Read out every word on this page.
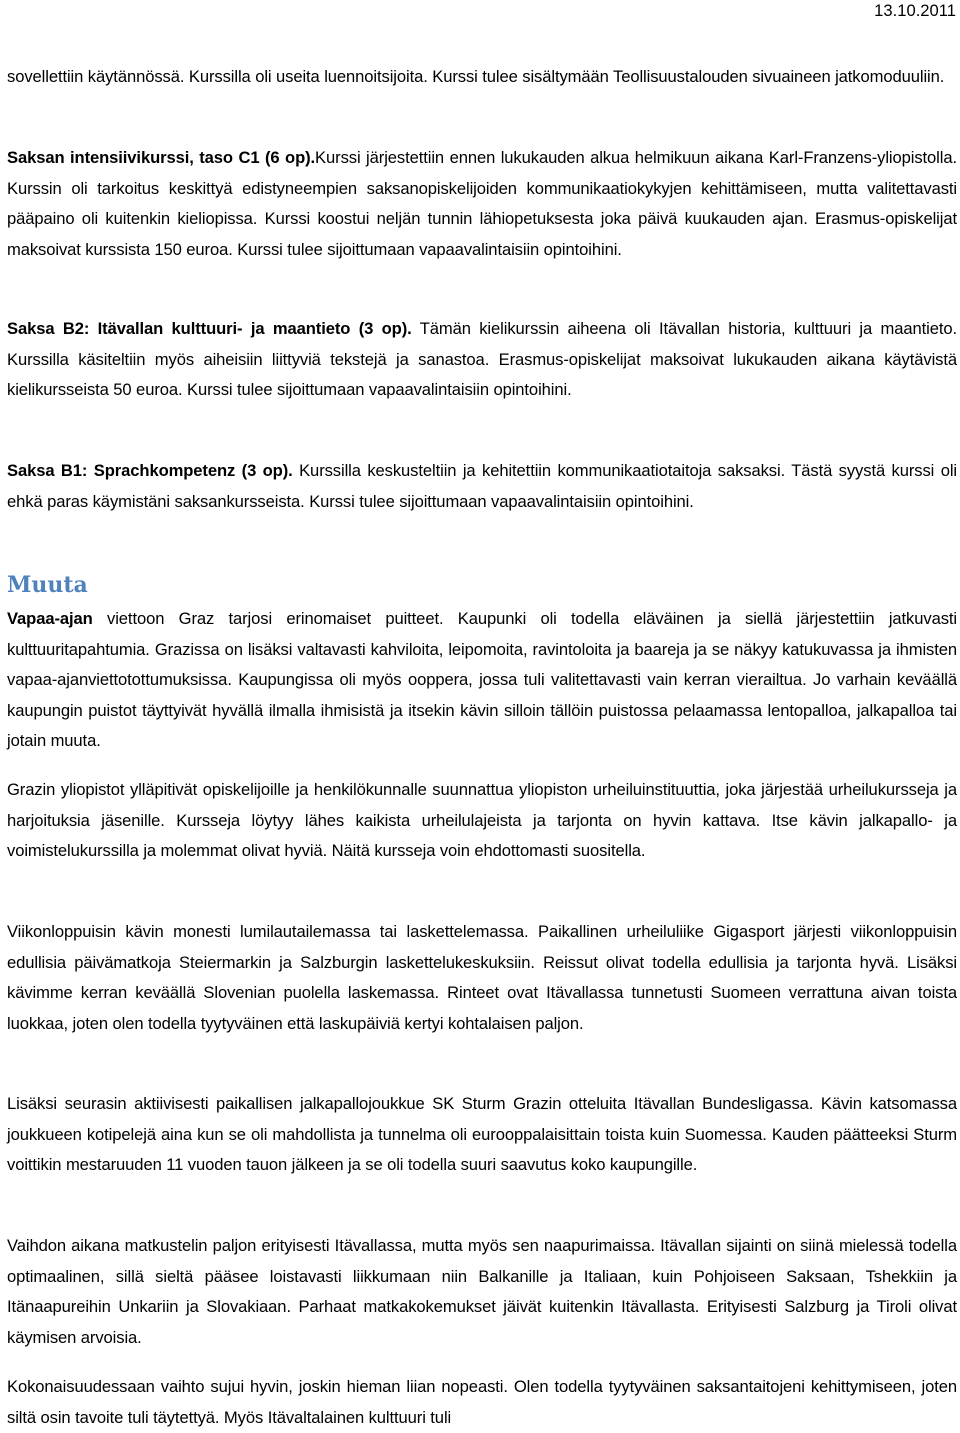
13.10.2011

sovellettiin käytännössä. Kurssilla oli useita luennoitsijoita. Kurssi tulee sisältymään Teollisuustalouden sivuaineen jatkomoduuliin.

Saksan intensiivikurssi, taso C1 (6 op).Kurssi järjestettiin ennen lukukauden alkua helmikuun aikana Karl-Franzens-yliopistolla. Kurssin oli tarkoitus keskittyä edistyneempien saksanopiskelijoiden kommunikaatiokykyjen kehittämiseen, mutta valitettavasti pääpaino oli kuitenkin kieliopissa. Kurssi koostui neljän tunnin lähiopetuksesta joka päivä kuukauden ajan. Erasmus-opiskelijat maksoivat kurssista 150 euroa. Kurssi tulee sijoittumaan vapaavalintaisiin opintoihini.

Saksa B2: Itävallan kulttuuri- ja maantieto (3 op). Tämän kielikurssin aiheena oli Itävallan historia, kulttuuri ja maantieto. Kurssilla käsiteltiin myös aiheisiin liittyviä tekstejä ja sanastoa. Erasmus-opiskelijat maksoivat lukukauden aikana käytävistä kielikursseista 50 euroa. Kurssi tulee sijoittumaan vapaavalintaisiin opintoihini.

Saksa B1: Sprachkompetenz (3 op). Kurssilla keskusteltiin ja kehitettiin kommunikaatiotaitoja saksaksi. Tästä syystä kurssi oli ehkä paras käymistäni saksankursseista. Kurssi tulee sijoittumaan vapaavalintaisiin opintoihini.

Muuta

Vapaa-ajan viettoon Graz tarjosi erinomaiset puitteet. Kaupunki oli todella eläväinen ja siellä järjestettiin jatkuvasti kulttuuritapahtumia. Grazissa on lisäksi valtavasti kahviloita, leipomoita, ravintoloita ja baareja ja se näkyy katukuvassa ja ihmisten vapaa-ajanviettotottumuksissa. Kaupungissa oli myös ooppera, jossa tuli valitettavasti vain kerran vierailtua. Jo varhain keväällä kaupungin puistot täyttyivät hyvällä ilmalla ihmisistä ja itsekin kävin silloin tällöin puistossa pelaamassa lentopalloa, jalkapalloa tai jotain muuta.

Grazin yliopistot ylläpitivät opiskelijoille ja henkilökunnalle suunnattua yliopiston urheiluinstituuttia, joka järjestää urheilukursseja ja harjoituksia jäsenille. Kursseja löytyy lähes kaikista urheilulajeista ja tarjonta on hyvin kattava. Itse kävin jalkapallo- ja voimistelukurssilla ja molemmat olivat hyviä. Näitä kursseja voin ehdottomasti suositella.

Viikonloppuisin kävin monesti lumilautailemassa tai laskettelemassa. Paikallinen urheiluliike Gigasport järjesti viikonloppuisin edullisia päivämatkoja Steiermarkin ja Salzburgin laskettelukeskuksiin. Reissut olivat todella edullisia ja tarjonta hyvä. Lisäksi kävimme kerran keväällä Slovenian puolella laskemassa. Rinteet ovat Itävallassa tunnetusti Suomeen verrattuna aivan toista luokkaa, joten olen todella tyytyväinen että laskupäiviä kertyi kohtalaisen paljon.

Lisäksi seurasin aktiivisesti paikallisen jalkapallojoukkue SK Sturm Grazin otteluita Itävallan Bundesligassa. Kävin katsomassa joukkueen kotipelejä aina kun se oli mahdollista ja tunnelma oli eurooppalaisittain toista kuin Suomessa. Kauden päätteeksi Sturm voittikin mestaruuden 11 vuoden tauon jälkeen ja se oli todella suuri saavutus koko kaupungille.

Vaihdon aikana matkustelin paljon erityisesti Itävallassa, mutta myös sen naapurimaissa. Itävallan sijainti on siinä mielessä todella optimaalinen, sillä sieltä pääsee loistavasti liikkumaan niin Balkanille ja Italiaan, kuin Pohjoiseen Saksaan, Tshekkiin ja Itänaapureihin Unkariin ja Slovakiaan. Parhaat matkakokemukset jäivät kuitenkin Itävallasta. Erityisesti Salzburg ja Tiroli olivat käymisen arvoisia.

Kokonaisuudessaan vaihto sujui hyvin, joskin hieman liian nopeasti. Olen todella tyytyväinen saksantaitojeni kehittymiseen, joten siltä osin tavoite tuli täytettyä. Myös Itävaltalainen kulttuuri tuli
